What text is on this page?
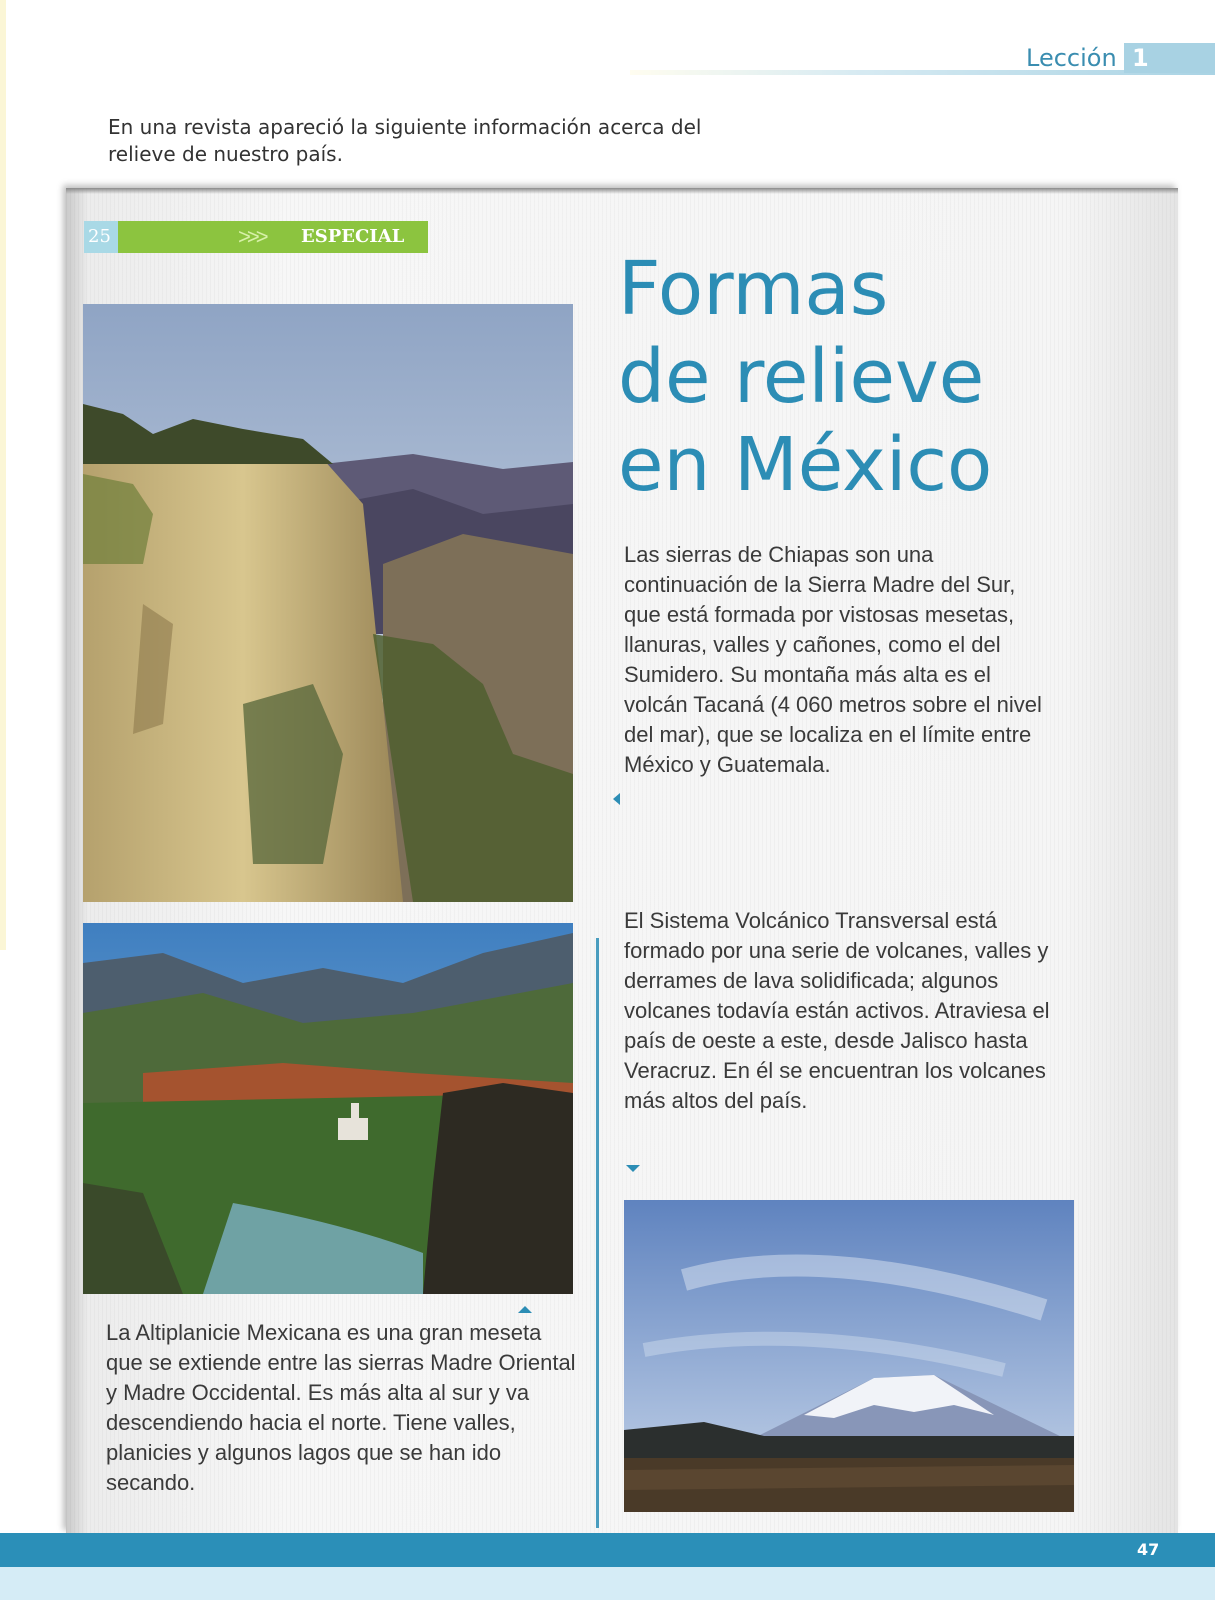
Lección 1

En una revista apareció la siguiente información acerca del relieve de nuestro país.

25	>>> ESPECIAL
Formas
de relieve
en México

Las sierras de Chiapas son una continuación de la Sierra Madre del Sur, que está formada por vistosas mesetas, llanuras, valles y cañones, como el del Sumidero. Su montaña más alta es el volcán Tacaná (4 060 metros sobre el nivel del mar), que se localiza en el límite entre México y Guatemala.

El Sistema Volcánico Transversal está formado por una serie de volcanes, valles y derrames de lava solidificada; algunos volcanes todavía están activos. Atraviesa el país de oeste a este, desde Jalisco hasta Veracruz. En él se encuentran los volcanes más altos del país.

La Altiplanicie Mexicana es una gran meseta que se extiende entre las sierras Madre Oriental y Madre Occidental. Es más alta al sur y va descendiendo hacia el norte. Tiene valles, planicies y algunos lagos que se han ido secando.

47
